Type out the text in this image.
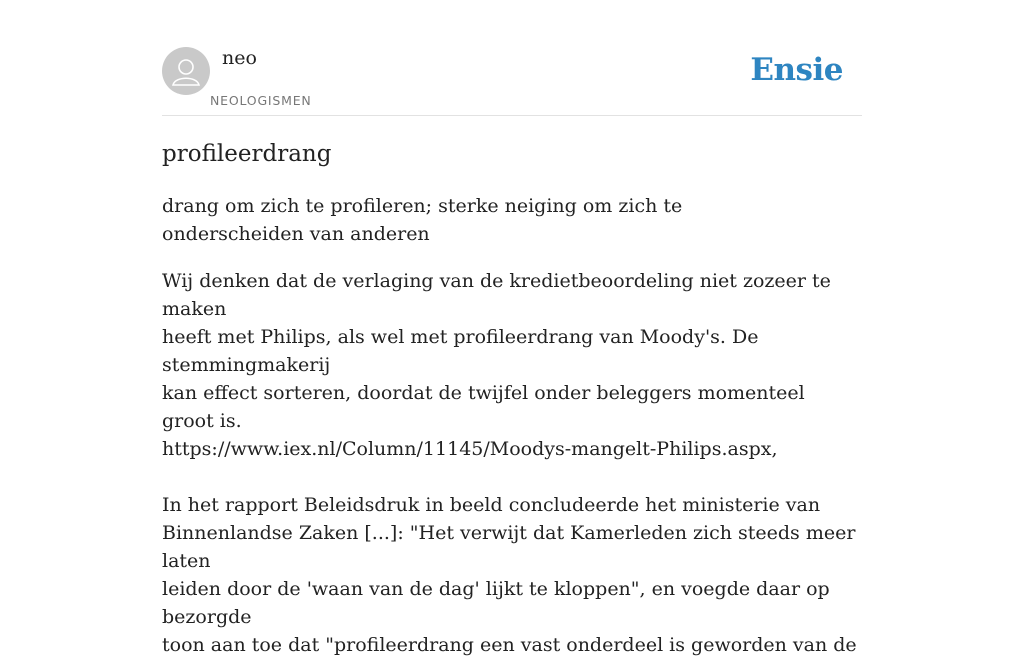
neo
NEOLOGISMEN
Ensie
profileerdrang

drang om zich te profileren; sterke neiging om zich te onderscheiden van anderen

Wij denken dat de verlaging van de kredietbeoordeling niet zozeer te maken

heeft met Philips, als wel met profileerdrang van Moody's. De stemmingmakerij

kan effect sorteren, doordat de twijfel onder beleggers momenteel groot is.

https://www.iex.nl/Column/11145/Moodys-mangelt-Philips.aspx,

In het rapport Beleidsdruk in beeld concludeerde het ministerie van

Binnenlandse Zaken [...]: "Het verwijt dat Kamerleden zich steeds meer laten

leiden door de 'waan van de dag' lijkt te kloppen", en voegde daar op bezorgde

toon aan toe dat "profileerdrang een vast onderdeel is geworden van de
